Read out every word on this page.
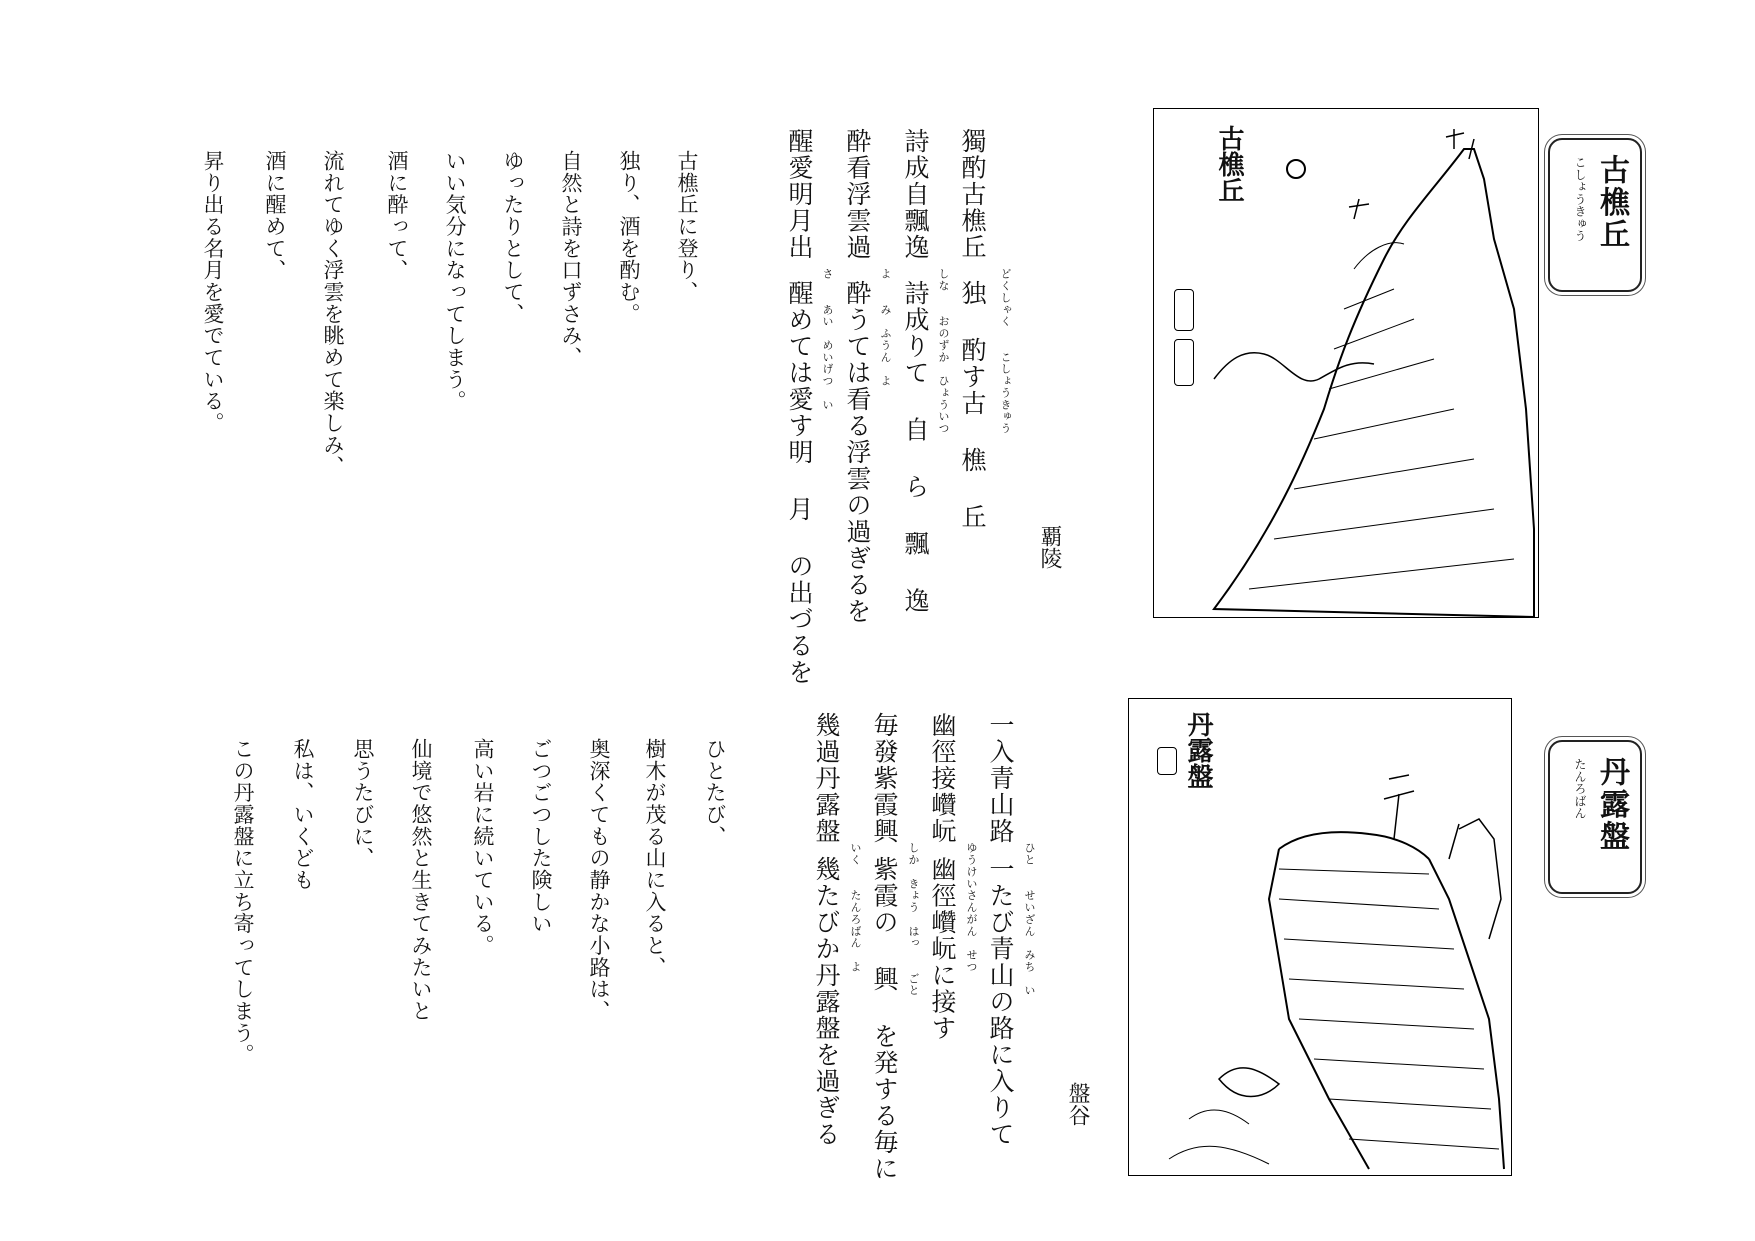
こしょうきゅう 古樵丘
古樵丘
覇陵
独 酌す古 樵 丘 どくしゃく　　こしょうきゅう
詩成りて 自 ら 飄 逸 しな　　おのずか　ひょういつ
酔うては看る浮雲の過ぎるを よ　　み　ふうん　よ
醒めては愛す明 月 の出づるを さ　　あい　めいげつ　い
獨酌古樵丘
詩成自飄逸
酔看浮雲過
醒愛明月出
古樵丘に登り、
独り、酒を酌む。
自然と詩を口ずさみ、
ゆったりとして、
いい気分になってしまう。
酒に酔って、
流れてゆく浮雲を眺めて楽しみ、
酒に醒めて、
昇り出る名月を愛でている。
たんろばん 丹露盤
丹露盤
盤谷
一たび青山の路に入りて ひと　　せいざん　みち　い
幽徑巑岏に接す ゆうけいさんがん　せつ
紫霞の 興 を発する毎に しか　きょう　はっ　　ごと
幾たびか丹露盤を過ぎる いく　　たんろばん　よ
一入青山路
幽徑接巑岏
毎發紫霞興
幾過丹露盤
ひとたび、
樹木が茂る山に入ると、
奥深くてもの静かな小路は、
ごつごつした険しい
高い岩に続いている。
仙境で悠然と生きてみたいと
思うたびに、
私は、いくども
この丹露盤に立ち寄ってしまう。
